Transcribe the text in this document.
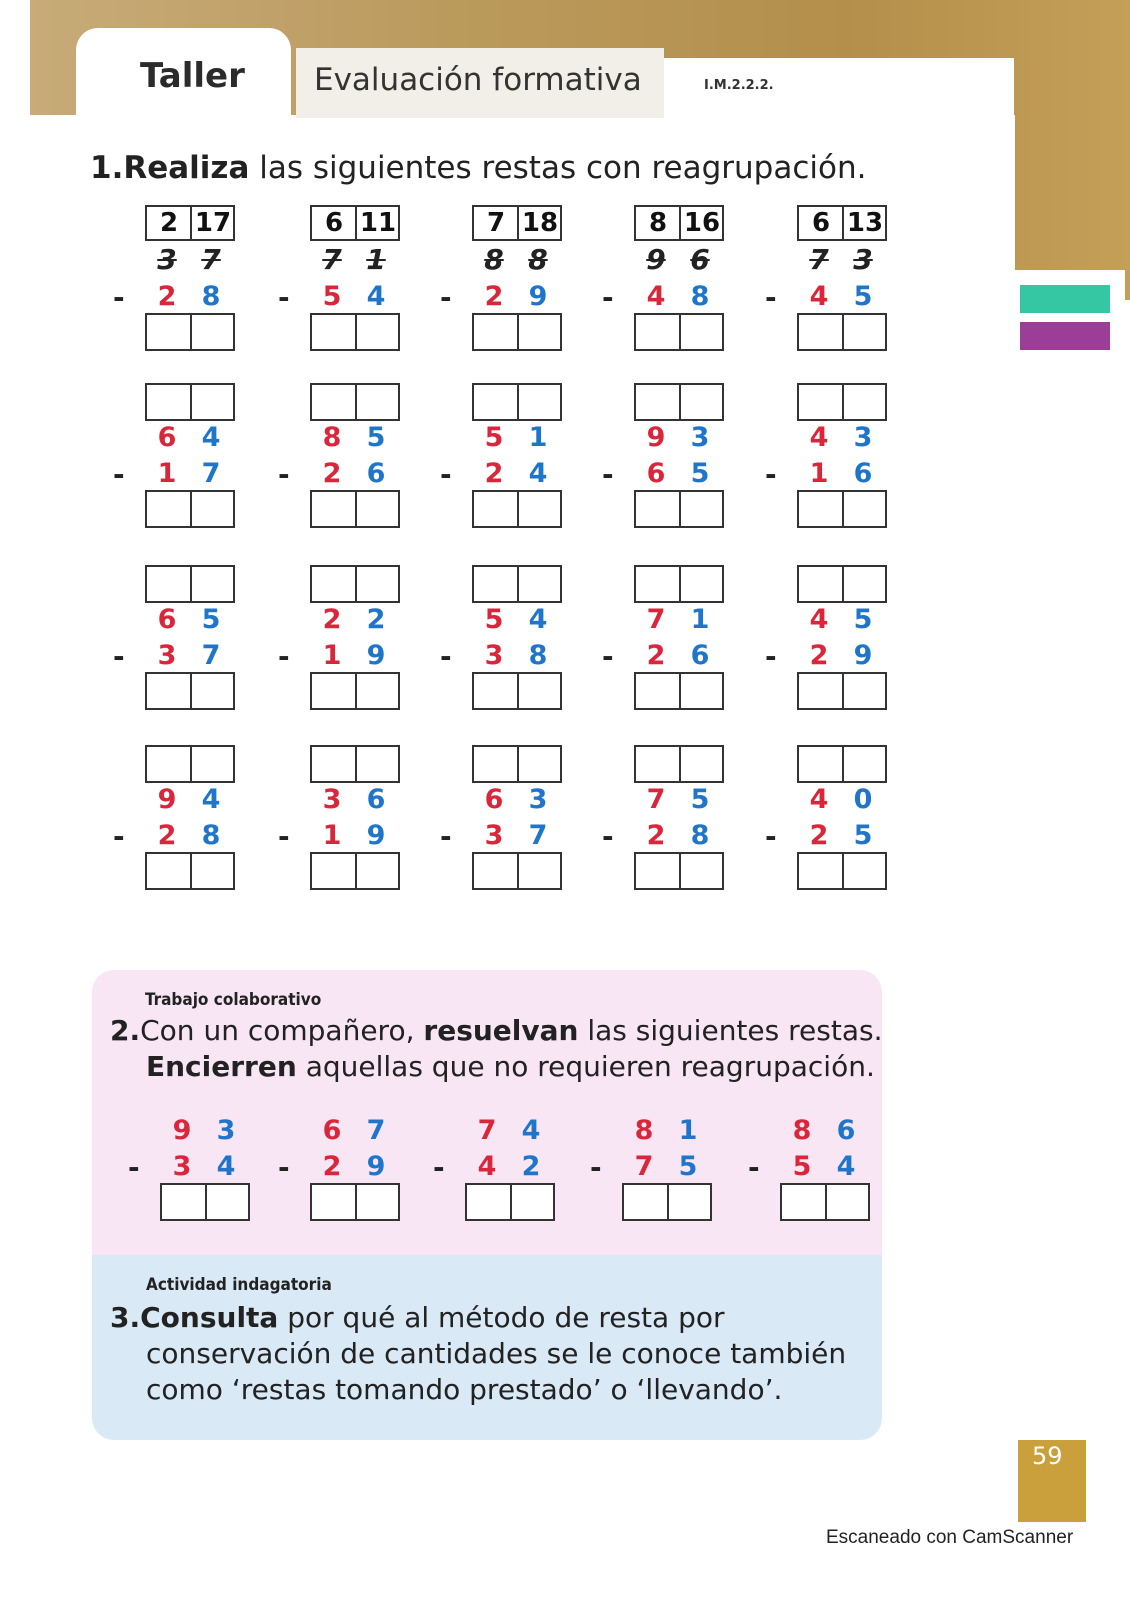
Taller Evaluación formativa	I.M.2.2.2.
1.Realiza las siguientes restas con reagrupación.
2 17
3 7
-	2 8
6 11
7 1
-	5 4
7 18
8 8
-	2 9
8 16
9 6
-	4 8
6 13
7 3
-	4 5
6 4
-	1 7
8 5
-	2 6
5 1
-	2 4
9 3
-	6 5
4 3
-	1 6
6 5
-	3 7
2 2
-	1 9
5 4
-	3 8
7 1
-	2 6
4 5
-	2 9
9 4
-	2 8
3 6
-	1 9
6 3
-	3 7
7 5
-	2 8
4 0
-	2 5
Trabajo colaborativo
2.Con un compañero, resuelvan las siguientes restas.
Encierren aquellas que no requieren reagrupación.
9 3
-	3 4
6 7
-	2 9
7 4
-	4 2
8 1
-	7 5
8 6
-	5 4
Actividad indagatoria
3.Consulta por qué al método de resta por
conservación de cantidades se le conoce también
como ‘restas tomando prestado’ o ‘llevando’.
59
Escaneado con CamScanner
